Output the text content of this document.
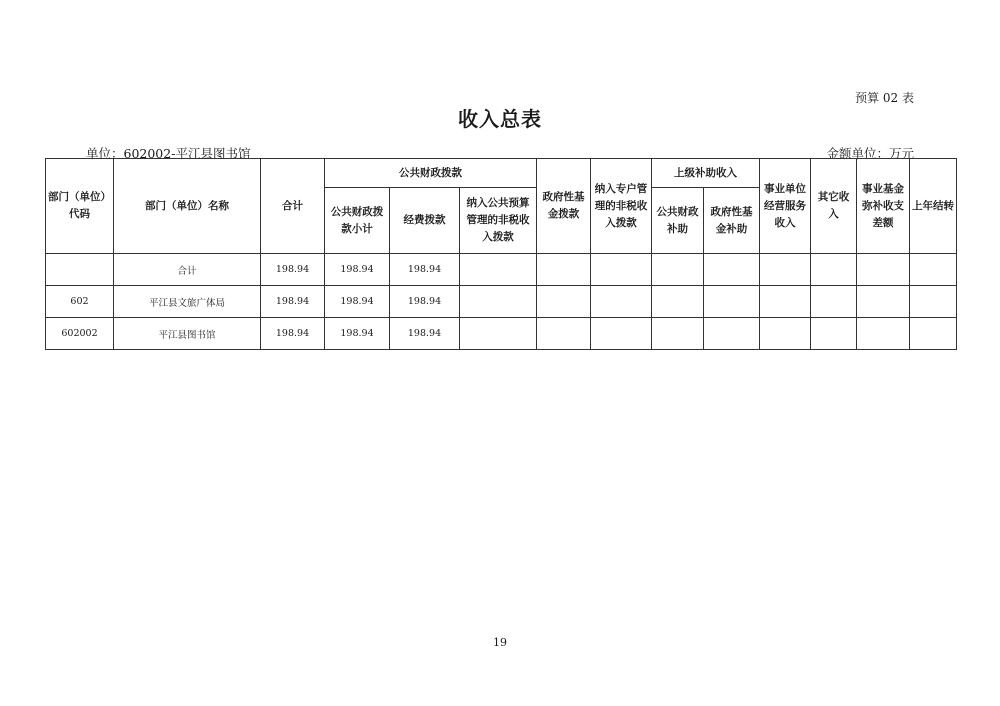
预算 02 表
收入总表
单位：602002-平江县图书馆	金额单位：万元
部门（单位）代码	部门（单位）名称	合计	公共财政拨款			政府性基金拨款	纳入专户管理的非税收入拨款	上级补助收入		事业单位经营服务收入	其它收入	事业基金弥补收支差额	上年结转
			公共财政拨款小计	经费拨款	纳入公共预算管理的非税收入拨款			公共财政补助	政府性基金补助				
	合计	198.94	198.94	198.94									
602	平江县文旅广体局	198.94	198.94	198.94									
602002	平江县图书馆	198.94	198.94	198.94									
19
